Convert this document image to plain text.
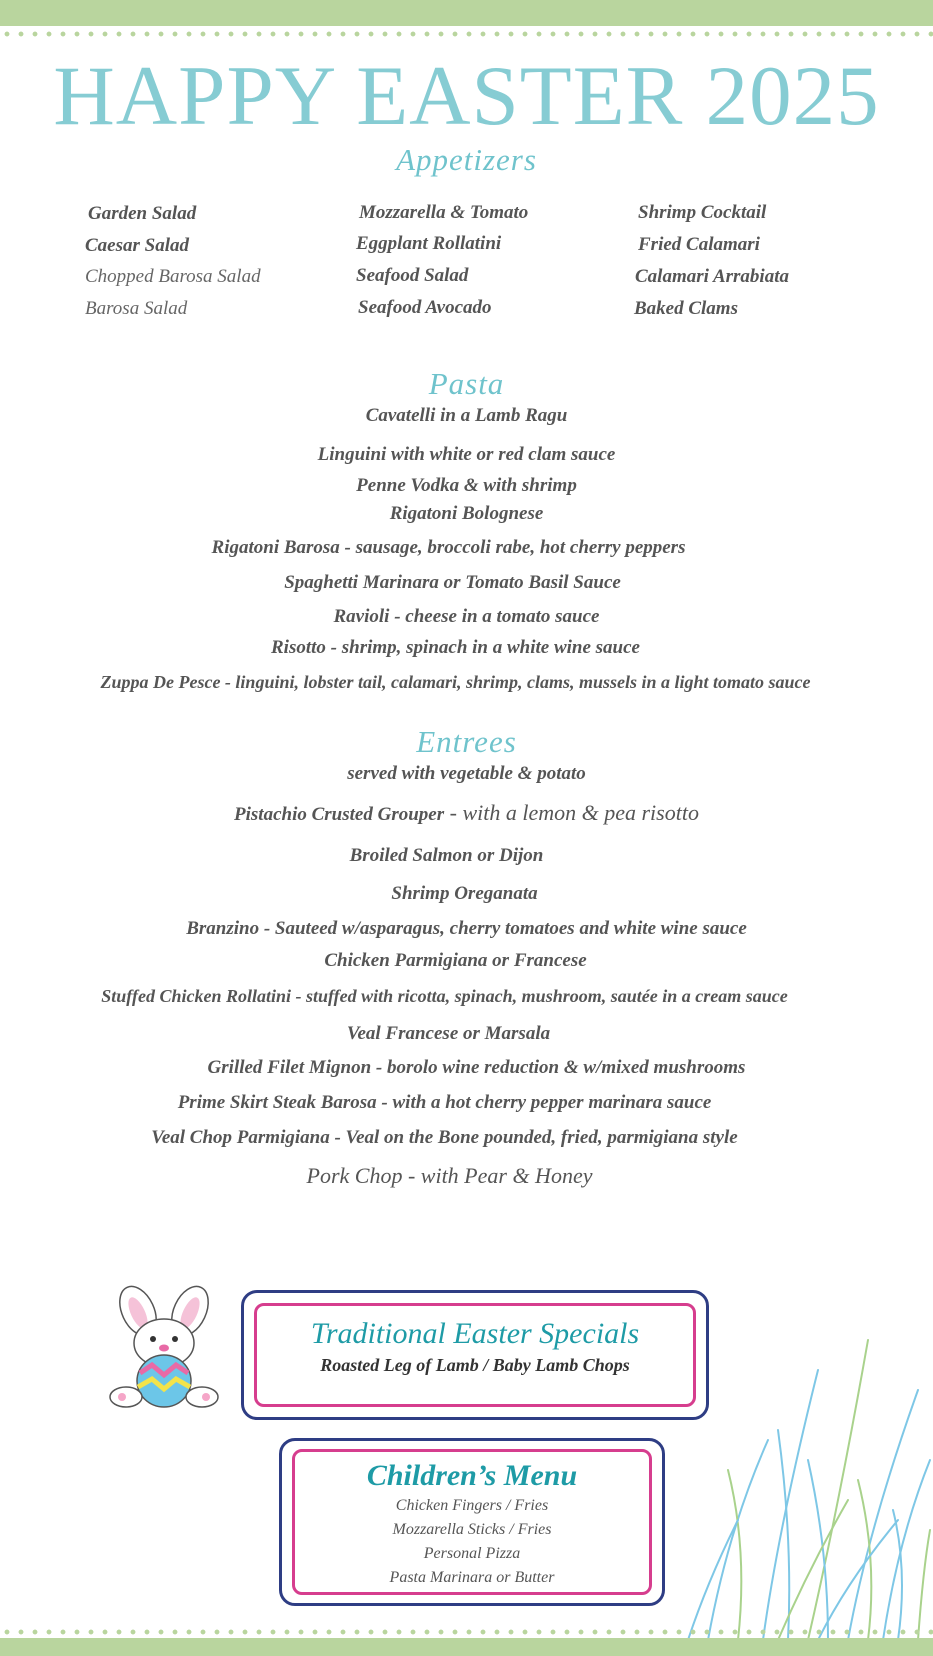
HAPPY EASTER 2025
Appetizers
Garden Salad
Caesar Salad
Chopped Barosa Salad
Barosa Salad
Mozzarella & Tomato
Eggplant Rollatini
Seafood Salad
Seafood Avocado
Shrimp Cocktail
Fried Calamari
Calamari Arrabiata
Baked Clams
Pasta
Cavatelli in a Lamb Ragu
Linguini with white or red clam sauce
Penne Vodka & with shrimp
Rigatoni Bolognese
Rigatoni Barosa - sausage, broccoli rabe, hot cherry peppers
Spaghetti Marinara or Tomato Basil Sauce
Ravioli - cheese in a tomato sauce
Risotto - shrimp, spinach in a white wine sauce
Zuppa De Pesce - linguini, lobster tail, calamari, shrimp, clams, mussels in a light tomato sauce
Entrees
served with vegetable & potato
Pistachio Crusted Grouper - with a lemon & pea risotto
Broiled Salmon or Dijon
Shrimp Oreganata
Branzino - Sauteed w/asparagus, cherry tomatoes and white wine sauce
Chicken Parmigiana or Francese
Stuffed Chicken Rollatini - stuffed with ricotta, spinach, mushroom, sautée in a cream sauce
Veal Francese or Marsala
Grilled Filet Mignon - borolo wine reduction & w/mixed mushrooms
Prime Skirt Steak Barosa - with a hot cherry pepper marinara sauce
Veal Chop Parmigiana - Veal on the Bone pounded, fried, parmigiana style
Pork Chop - with Pear & Honey
Traditional Easter Specials
Roasted Leg of Lamb / Baby Lamb Chops
Children’s Menu
Chicken Fingers / Fries
Mozzarella Sticks / Fries
Personal Pizza
Pasta Marinara or Butter
